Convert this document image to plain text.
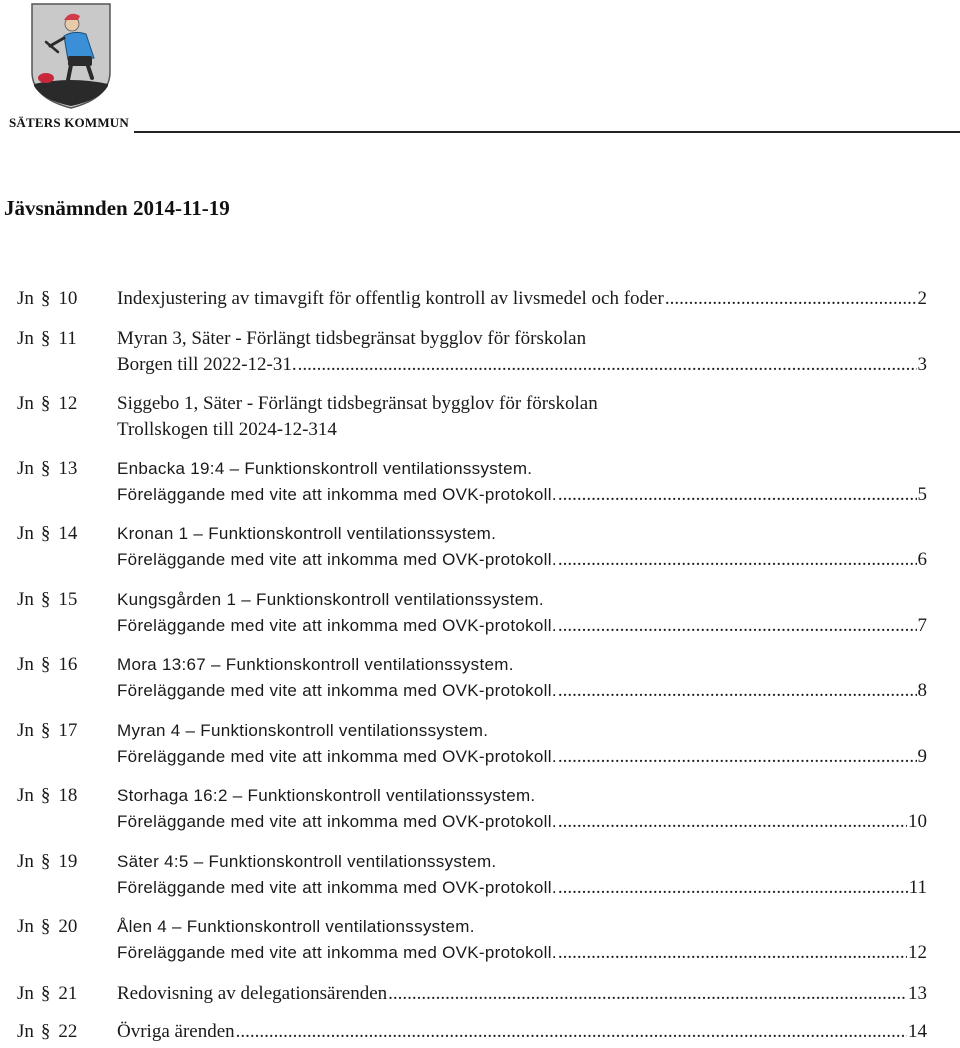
SÄTERS KOMMUN
Jävsnämnden 2014-11-19
Jn § 10	Indexjustering av timavgift för offentlig kontroll av livsmedel och foder .....	2
Jn § 11	Myran 3, Säter - Förlängt tidsbegränsat bygglov för förskolan
Borgen till 2022-12-31. .....	3
Jn § 12	Siggebo 1, Säter - Förlängt tidsbegränsat bygglov för förskolan
Trollskogen till 2024-12-314
Jn § 13	Enbacka 19:4 – Funktionskontroll ventilationssystem.
Föreläggande med vite att inkomma med OVK-protokoll. .....	5
Jn § 14	Kronan 1 – Funktionskontroll ventilationssystem.
Föreläggande med vite att inkomma med OVK-protokoll. .....	6
Jn § 15	Kungsgården 1 – Funktionskontroll ventilationssystem.
Föreläggande med vite att inkomma med OVK-protokoll. .....	7
Jn § 16	Mora 13:67 – Funktionskontroll ventilationssystem.
Föreläggande med vite att inkomma med OVK-protokoll. .....	8
Jn § 17	Myran 4 – Funktionskontroll ventilationssystem.
Föreläggande med vite att inkomma med OVK-protokoll. .....	9
Jn § 18	Storhaga 16:2 – Funktionskontroll ventilationssystem.
Föreläggande med vite att inkomma med OVK-protokoll. .....	10
Jn § 19	Säter 4:5 – Funktionskontroll ventilationssystem.
Föreläggande med vite att inkomma med OVK-protokoll. .....	11
Jn § 20	Ålen 4 – Funktionskontroll ventilationssystem.
Föreläggande med vite att inkomma med OVK-protokoll. .....	12
Jn § 21	Redovisning av delegationsärenden .....	13
Jn § 22	Övriga ärenden .....	14
